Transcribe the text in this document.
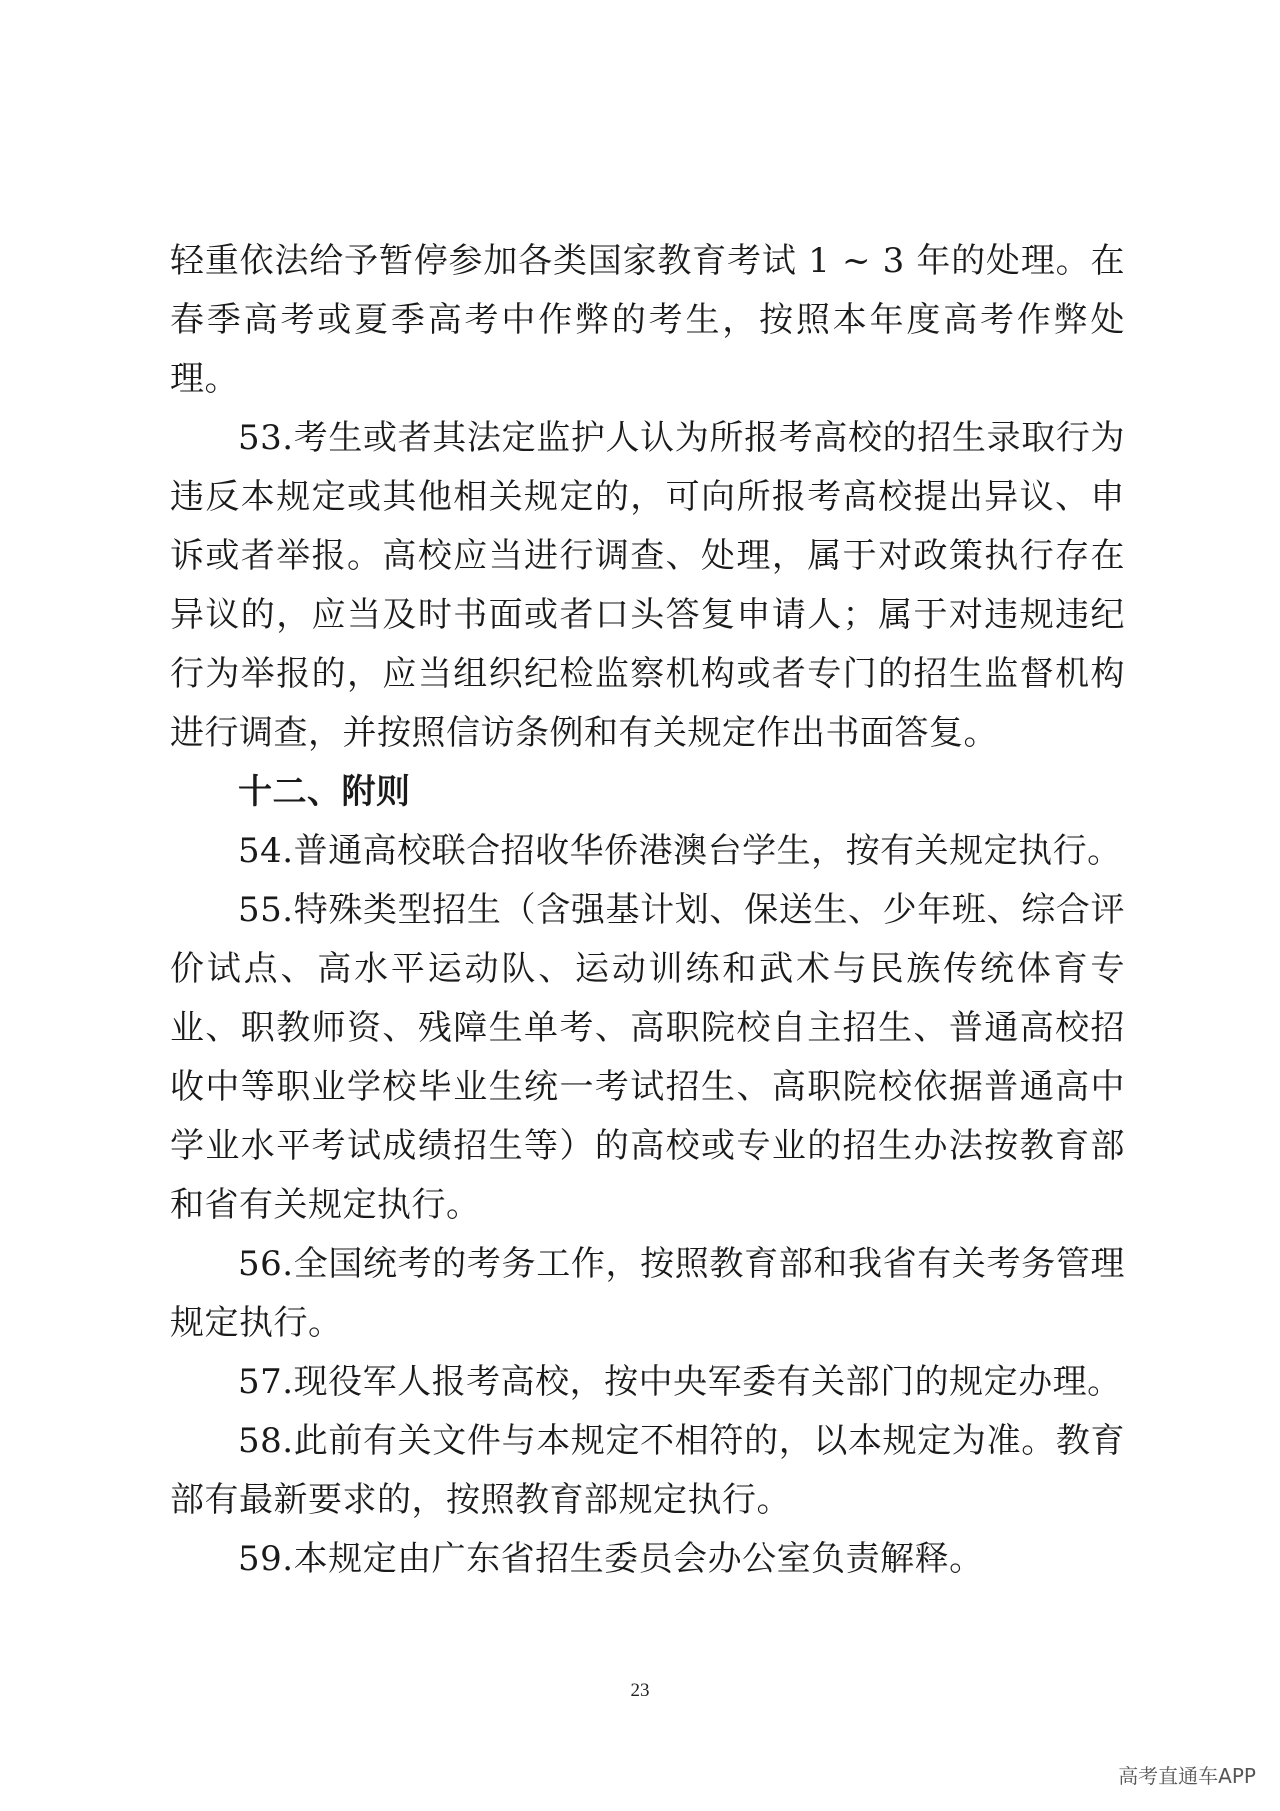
轻重依法给予暂停参加各类国家教育考试 1 ~ 3 年的处理。在春季高考或夏季高考中作弊的考生，按照本年度高考作弊处理。

53.考生或者其法定监护人认为所报考高校的招生录取行为违反本规定或其他相关规定的，可向所报考高校提出异议、申诉或者举报。高校应当进行调查、处理，属于对政策执行存在异议的，应当及时书面或者口头答复申请人；属于对违规违纪行为举报的，应当组织纪检监察机构或者专门的招生监督机构进行调查，并按照信访条例和有关规定作出书面答复。

十二、附则

54.普通高校联合招收华侨港澳台学生，按有关规定执行。

55.特殊类型招生（含强基计划、保送生、少年班、综合评价试点、高水平运动队、运动训练和武术与民族传统体育专业、职教师资、残障生单考、高职院校自主招生、普通高校招收中等职业学校毕业生统一考试招生、高职院校依据普通高中学业水平考试成绩招生等）的高校或专业的招生办法按教育部和省有关规定执行。

56.全国统考的考务工作，按照教育部和我省有关考务管理规定执行。

57.现役军人报考高校，按中央军委有关部门的规定办理。

58.此前有关文件与本规定不相符的，以本规定为准。教育部有最新要求的，按照教育部规定执行。

59.本规定由广东省招生委员会办公室负责解释。

23
高考直通车APP
